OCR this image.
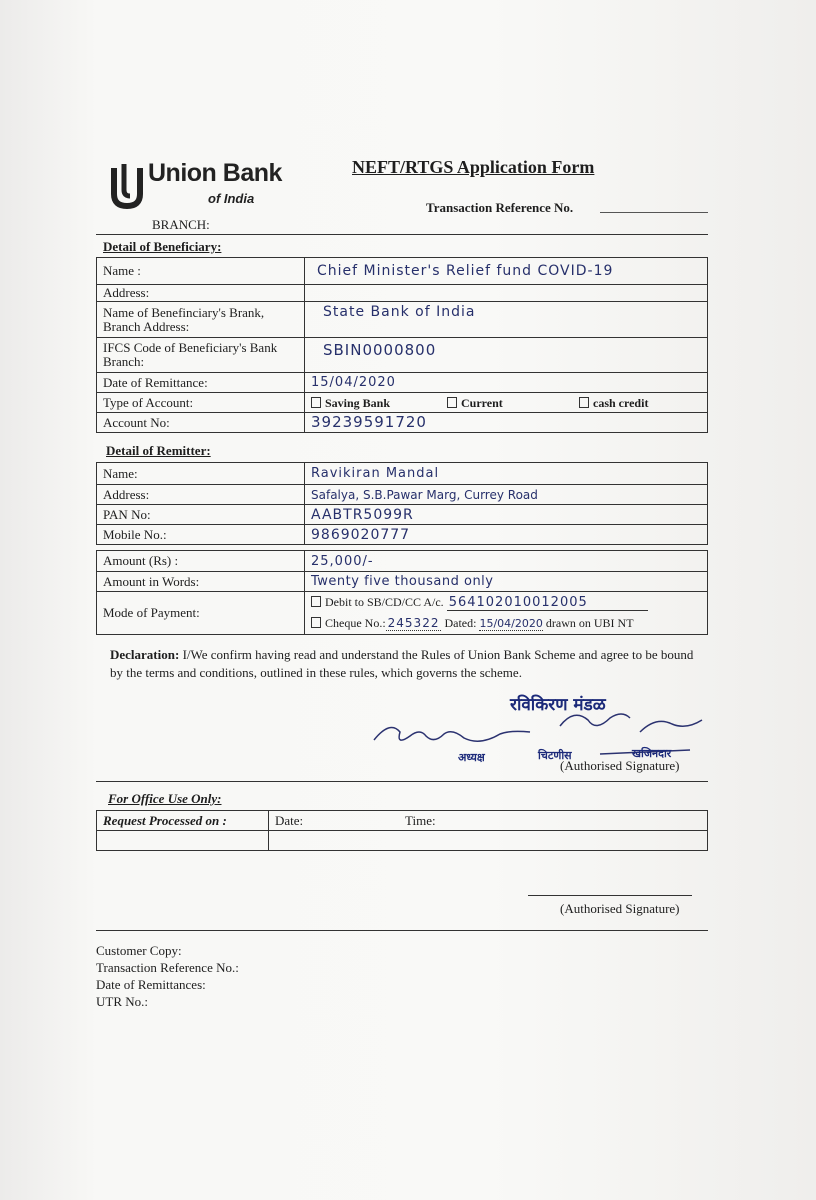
Union Bank
of India
BRANCH:
NEFT/RTGS Application Form
Transaction Reference No.
Detail of Beneficiary:
Name :	Chief Minister's Relief fund COVID-19
Address:	
Name of Benefinciary's Brank,
Branch Address:	State Bank of India
IFCS Code of Beneficiary's Bank
Branch:	SBIN0000800
Date of Remittance:	15/04/2020
Type of Account:	Saving Bank Current cash credit
Account No:	39239591720
Detail of Remitter:
Name:	Ravikiran Mandal
Address:	Safalya, S.B.Pawar Marg, Currey Road
PAN No:	AABTR5099R
Mobile No.:	9869020777
Amount (Rs) :	25,000/-
Amount in Words:	Twenty five thousand only
Mode of Payment:	Debit to SB/CD/CC A/c. 564102010012005
Cheque No.: 245322 Dated: 15/04/2020 drawn on UBI NT
Declaration: I/We confirm having read and understand the Rules of Union Bank Scheme and agree to be bound by the terms and conditions, outlined in these rules, which governs the scheme.
रविकिरण मंडळ
अध्यक्ष	चिटणीस	खजिनदार
(Authorised Signature)
For Office Use Only:
Request Processed on :	Date: Time:

(Authorised Signature)
Customer Copy:
Transaction Reference No.:
Date of Remittances:
UTR No.:
